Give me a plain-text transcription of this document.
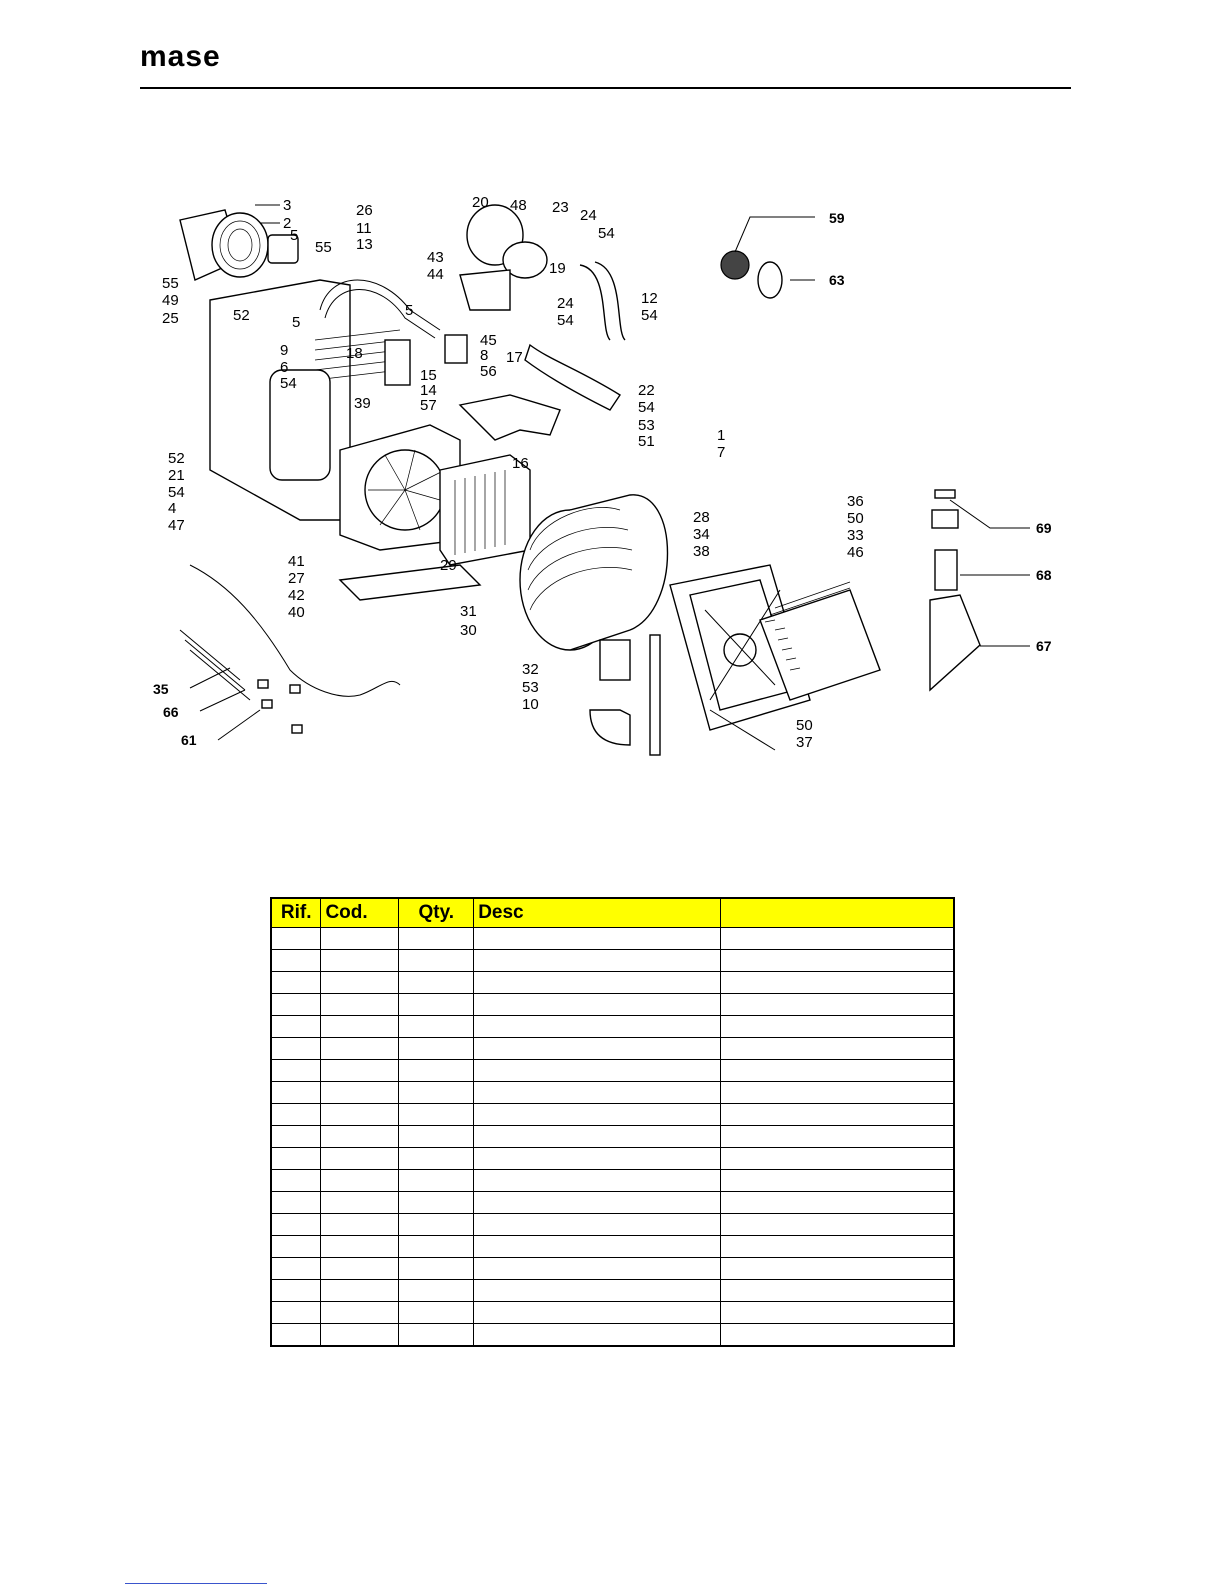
mase
3
2
5
55
55
49
25	52	5
9
6
54
52
21
54
4
47
41
27
42
40
26
11
13
18
39
5
15
14
57
56
45
8
20 48 23 24
54
43
44	19
24
54
12
54
17
22
54
53
51
16
1
7
28
34
38
29
31
30
32
53
10
36
50
33
46
50
37
59
63
69
68
67
35
66
61
Rif.	Cod.	Qty.	Desc	
